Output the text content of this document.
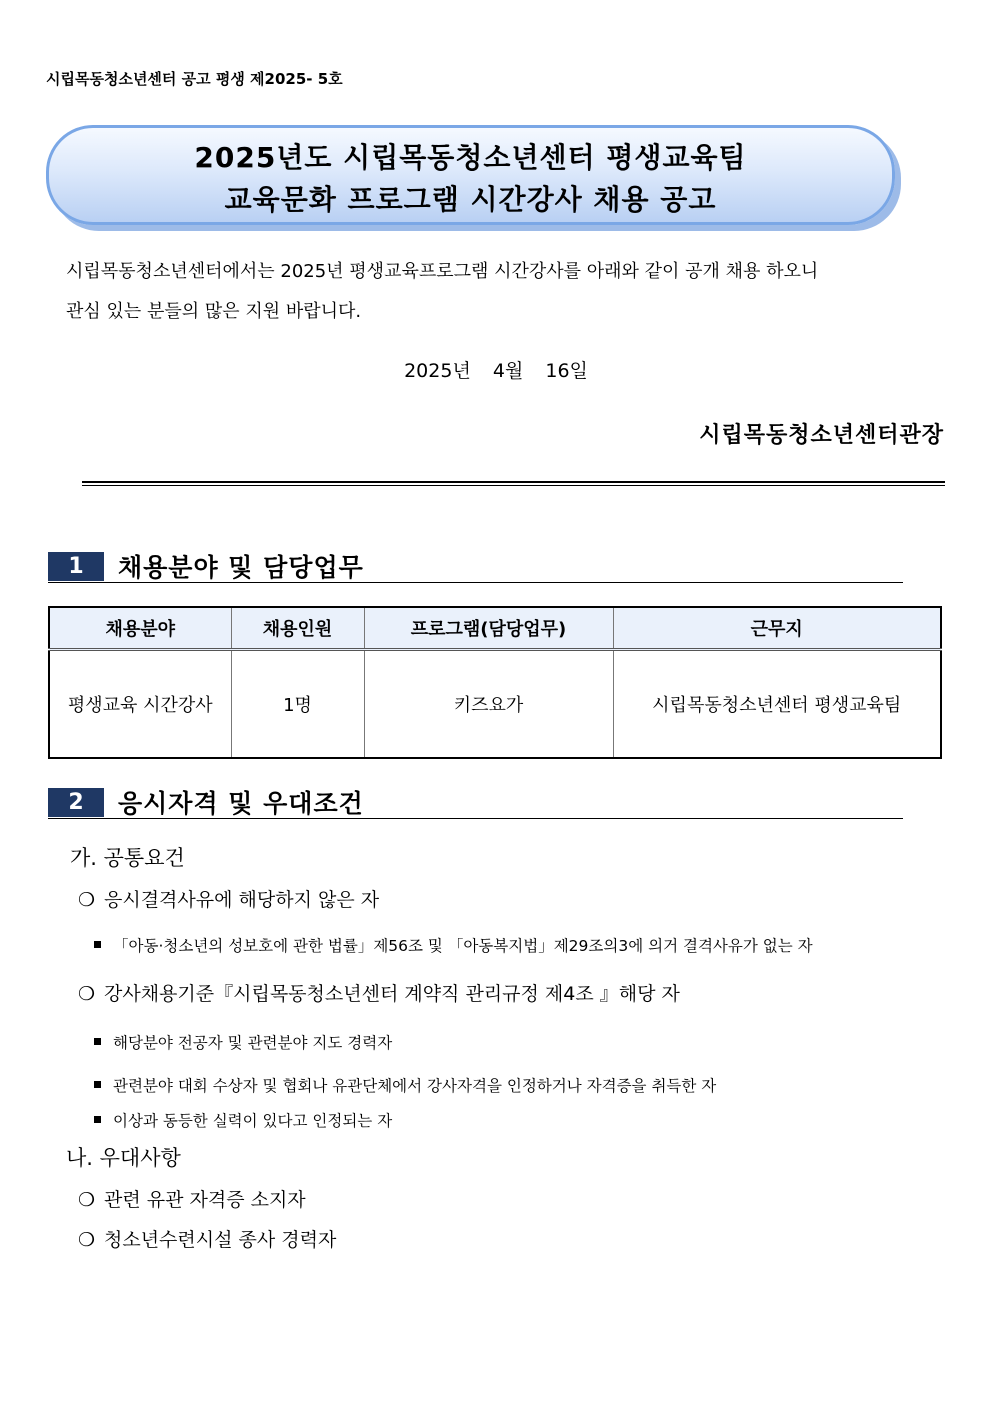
시립목동청소년센터 공고 평생 제2025- 5호
2025년도 시립목동청소년센터 평생교육팀
교육문화 프로그램 시간강사 채용 공고
시립목동청소년센터에서는 2025년 평생교육프로그램 시간강사를 아래와 같이 공개 채용 하오니
관심 있는 분들의 많은 지원 바랍니다.
2025년 4월 16일
시립목동청소년센터관장
1	채용분야 및 담당업무
채용분야	채용인원	프로그램(담당업무)	근무지
평생교육 시간강사	1명	키즈요가	시립목동청소년센터 평생교육팀
2	응시자격 및 우대조건
가. 공통요건
❍ 응시결격사유에 해당하지 않은 자
「아동·청소년의 성보호에 관한 법률」제56조 및 「아동복지법」제29조의3에 의거 결격사유가 없는 자
❍ 강사채용기준『시립목동청소년센터 계약직 관리규정 제4조 』해당 자
해당분야 전공자 및 관련분야 지도 경력자
관련분야 대회 수상자 및 협회나 유관단체에서 강사자격을 인정하거나 자격증을 취득한 자
이상과 동등한 실력이 있다고 인정되는 자
나. 우대사항
❍ 관련 유관 자격증 소지자
❍ 청소년수련시설 종사 경력자
